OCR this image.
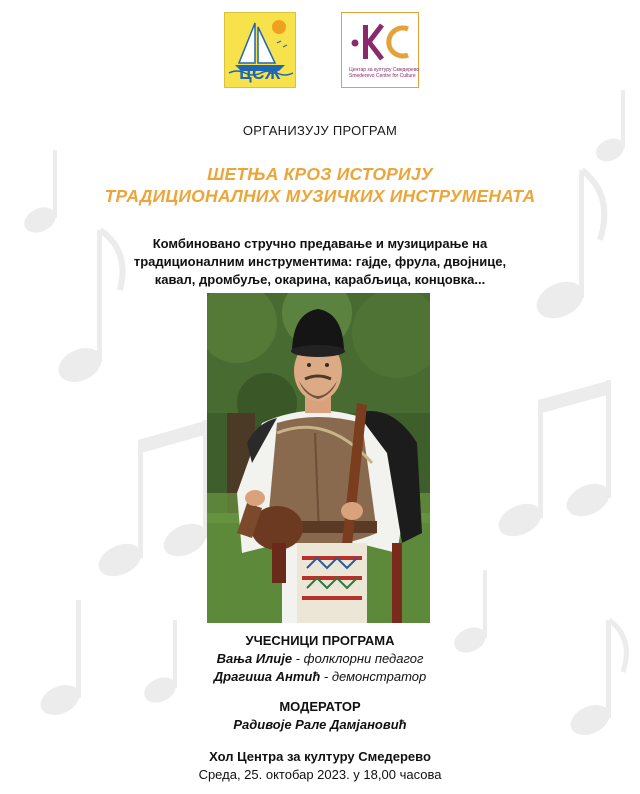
ЦСЖ	Центар за културу Смедерево
Smederevo Centre for Culture
ОРГАНИЗУЈУ ПРОГРАМ
ШЕТЊА КРОЗ ИСТОРИЈУ
ТРАДИЦИОНАЛНИХ МУЗИЧКИХ ИНСТРУМЕНАТА
Комбиновано стручно предавање и музицирање на
традиционалним инструментима: гајде, фрула, двојнице,
кавал, дромбуље, окарина, карабљица, концовка...
УЧЕСНИЦИ ПРОГРАМА
Вања Илије - фолклорни педагог
Драгиша Антић - демонстратор
МОДЕРАТОР
Радивоје Рале Дамјановић
Хол Центра за културу Смедерево
Среда, 25. октобар 2023. у 18,00 часова
